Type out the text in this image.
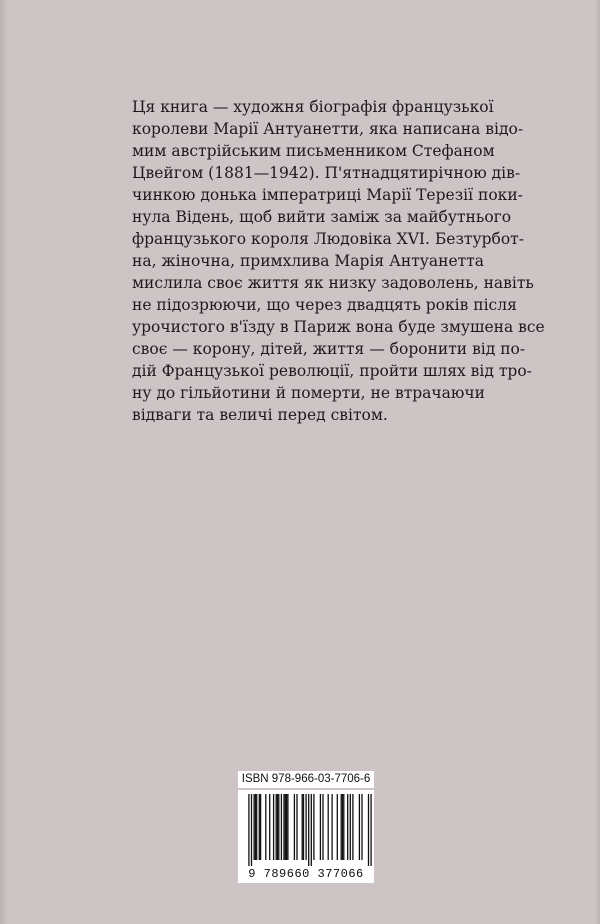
Ця книга — художня біографія французької
королеви Марії Антуанетти, яка написана відо-
мим австрійським письменником Стефаном
Цвейгом (1881—1942). П'ятнадцятирічною дів-
чинкою донька імператриці Марії Терезії поки-
нула Відень, щоб вийти заміж за майбутнього
французького короля Людовіка XVI. Безтурбот-
на, жіночна, примхлива Марія Антуанетта
мислила своє життя як низку задоволень, навіть
не підозрюючи, що через двадцять років після
урочистого в'їзду в Париж вона буде змушена все
своє — корону, дітей, життя — боронити від по-
дій Французької революції, пройти шлях від тро-
ну до гільйотини й померти, не втрачаючи
відваги та величі перед світом.
ISBN 978-966-03-7706-6
9 789660 377066
